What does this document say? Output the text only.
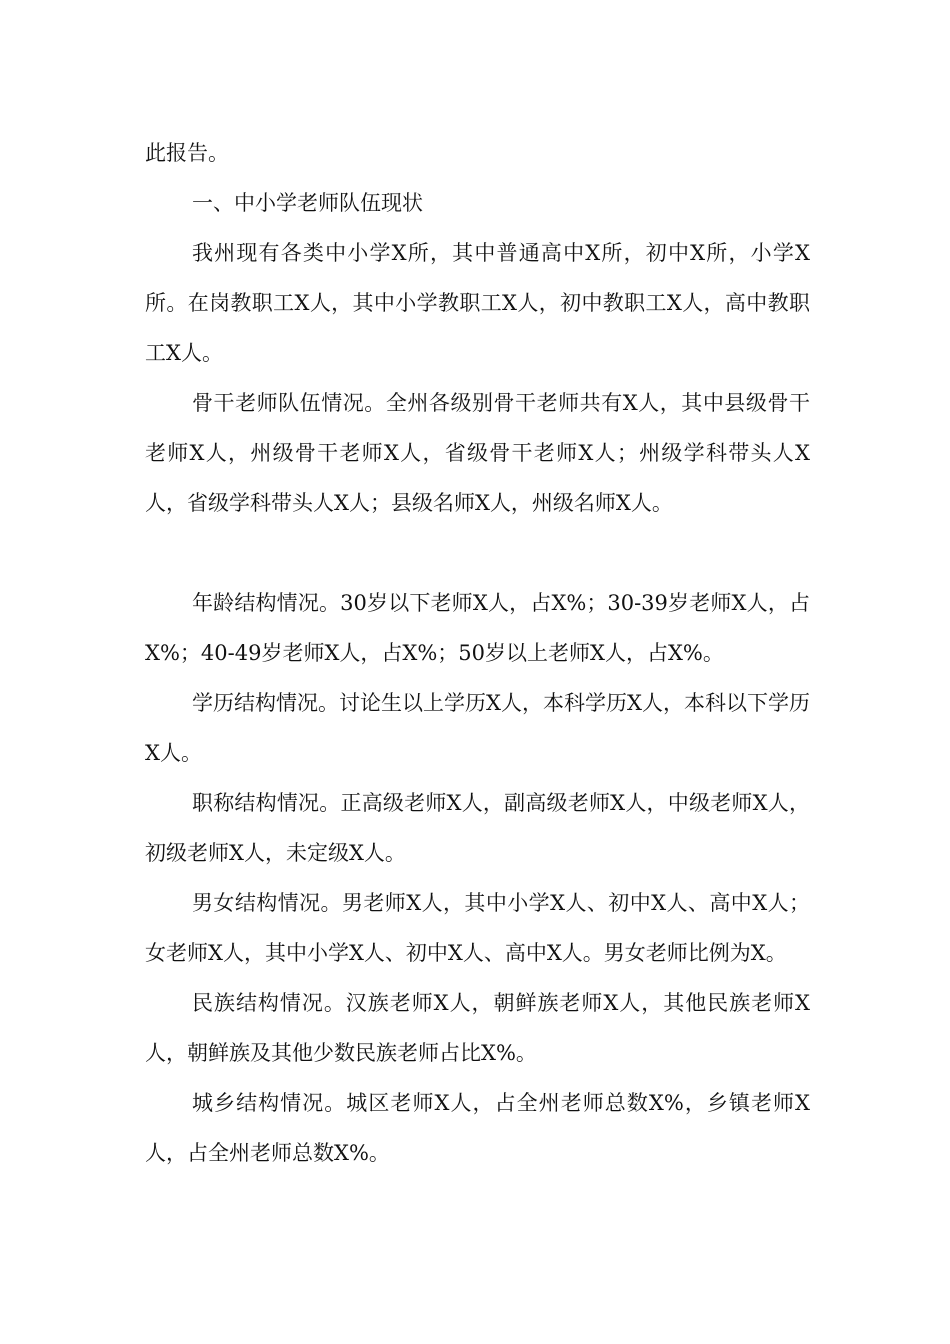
此报告。

一、中小学老师队伍现状

我州现有各类中小学X所，其中普通高中X所，初中X所，小学X所。在岗教职工X人，其中小学教职工X人，初中教职工X人，高中教职工X人。

骨干老师队伍情况。全州各级别骨干老师共有X人，其中县级骨干老师X人，州级骨干老师X人，省级骨干老师X人；州级学科带头人X人，省级学科带头人X人；县级名师X人，州级名师X人。

年龄结构情况。30岁以下老师X人，占X%；30-39岁老师X人，占X%；40-49岁老师X人，占X%；50岁以上老师X人，占X%。

学历结构情况。讨论生以上学历X人，本科学历X人，本科以下学历X人。

职称结构情况。正高级老师X人，副高级老师X人，中级老师X人，初级老师X人，未定级X人。

男女结构情况。男老师X人，其中小学X人、初中X人、高中X人；女老师X人，其中小学X人、初中X人、高中X人。男女老师比例为X。

民族结构情况。汉族老师X人，朝鲜族老师X人，其他民族老师X人，朝鲜族及其他少数民族老师占比X%。

城乡结构情况。城区老师X人，占全州老师总数X%，乡镇老师X人，占全州老师总数X%。
